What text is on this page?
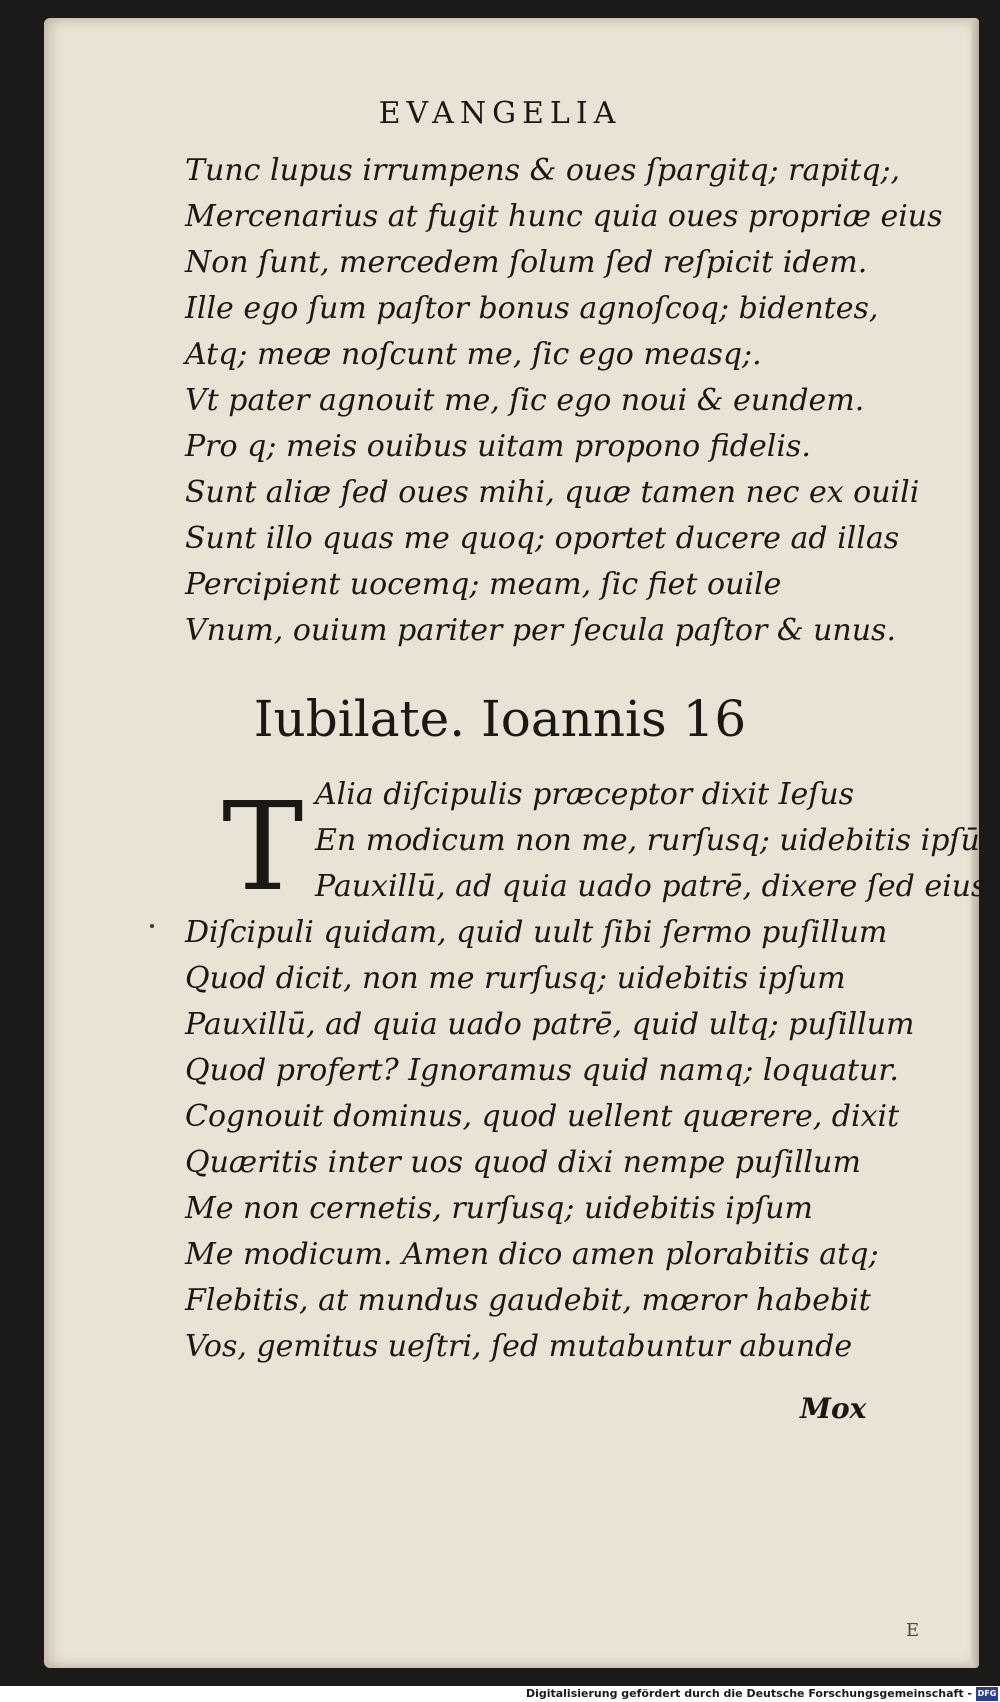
EVANGELIA
Tunc lupus irrumpens & oues ſpargitq; rapitq;,
Mercenarius at fugit hunc quia oues propriæ eius
Non ſunt, mercedem ſolum ſed reſpicit idem.
Ille ego ſum paſtor bonus agnoſcoq; bidentes,
Atq; meæ noſcunt me, ſic ego measq;.
Vt pater agnouit me, ſic ego noui & eundem.
Pro q; meis ouibus uitam propono fidelis.
Sunt aliæ ſed oues mihi, quæ tamen nec ex ouili
Sunt illo quas me quoq; oportet ducere ad illas
Percipient uocemq; meam, ſic fiet ouile
Vnum, ouium pariter per ſecula paſtor & unus.
Iubilate. Ioannis 16
T Alia diſcipulis præceptor dixit Ieſus
En modicum non me, rurſusq; uidebitis ipſū
Pauxillū, ad quia uado patrē, dixere ſed eius
Diſcipuli quidam, quid uult ſibi ſermo puſillum
Quod dicit, non me rurſusq; uidebitis ipſum
Pauxillū, ad quia uado patrē, quid ultq; puſillum
Quod profert? Ignoramus quid namq; loquatur.
Cognouit dominus, quod uellent quærere, dixit
Quæritis inter uos quod dixi nempe puſillum
Me non cernetis, rurſusq; uidebitis ipſum
Me modicum. Amen dico amen plorabitis atq;
Flebitis, at mundus gaudebit, mœror habebit
Vos, gemitus ueſtri, ſed mutabuntur abunde
Mox
E
Digitalisierung gefördert durch die Deutsche Forschungsgemeinschaft - DFG
